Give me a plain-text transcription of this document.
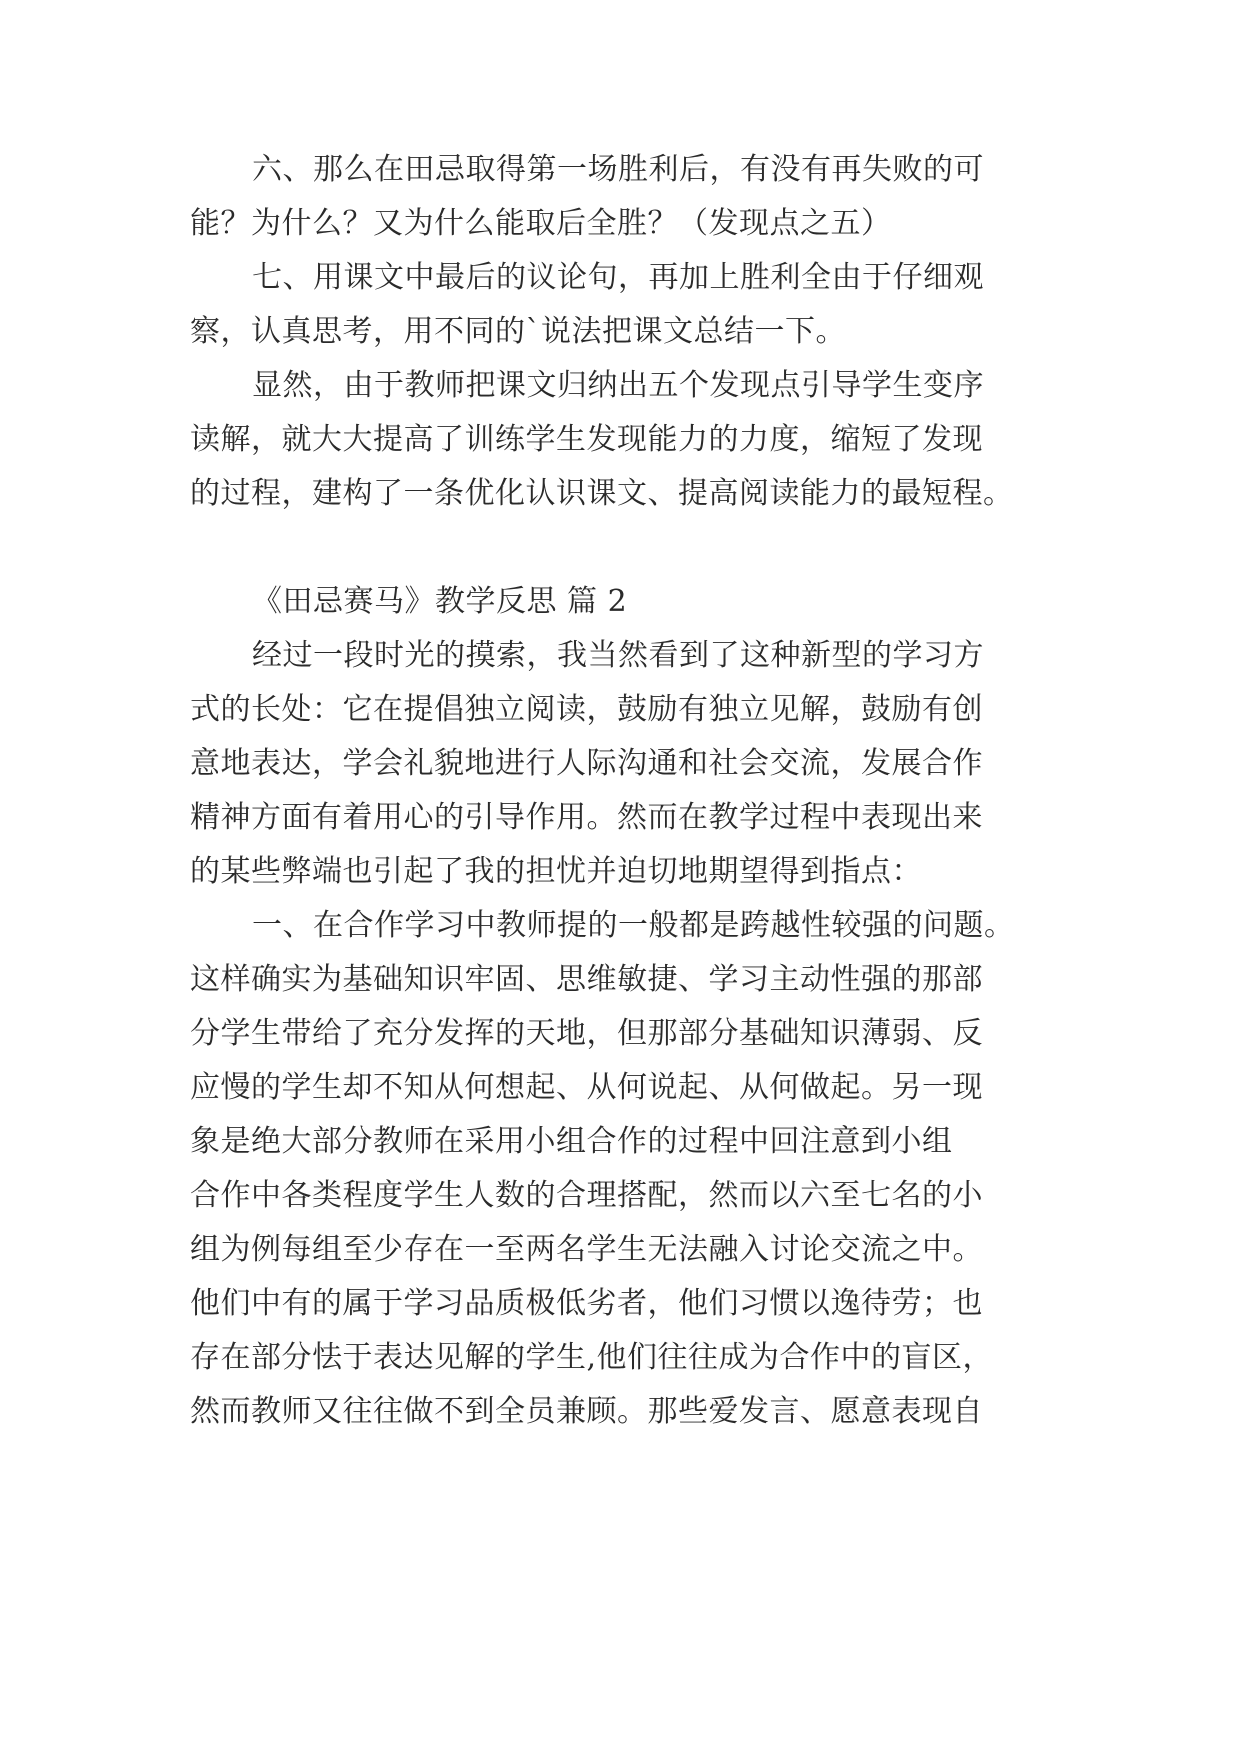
六、那么在田忌取得第一场胜利后，有没有再失败的可
能？为什么？又为什么能取后全胜？（发现点之五）
七、用课文中最后的议论句，再加上胜利全由于仔细观
察，认真思考，用不同的`说法把课文总结一下。
显然，由于教师把课文归纳出五个发现点引导学生变序
读解，就大大提高了训练学生发现能力的力度，缩短了发现
的过程，建构了一条优化认识课文、提高阅读能力的最短程。
《田忌赛马》教学反思 篇 2
经过一段时光的摸索，我当然看到了这种新型的学习方
式的长处：它在提倡独立阅读，鼓励有独立见解，鼓励有创
意地表达，学会礼貌地进行人际沟通和社会交流，发展合作
精神方面有着用心的引导作用。然而在教学过程中表现出来
的某些弊端也引起了我的担忧并迫切地期望得到指点：
一、在合作学习中教师提的一般都是跨越性较强的问题。
这样确实为基础知识牢固、思维敏捷、学习主动性强的那部
分学生带给了充分发挥的天地，但那部分基础知识薄弱、反
应慢的学生却不知从何想起、从何说起、从何做起。另一现
象是绝大部分教师在采用小组合作的过程中回注意到小组
合作中各类程度学生人数的合理搭配，然而以六至七名的小
组为例每组至少存在一至两名学生无法融入讨论交流之中。
他们中有的属于学习品质极低劣者，他们习惯以逸待劳；也
存在部分怯于表达见解的学生,他们往往成为合作中的盲区，
然而教师又往往做不到全员兼顾。那些爱发言、愿意表现自
